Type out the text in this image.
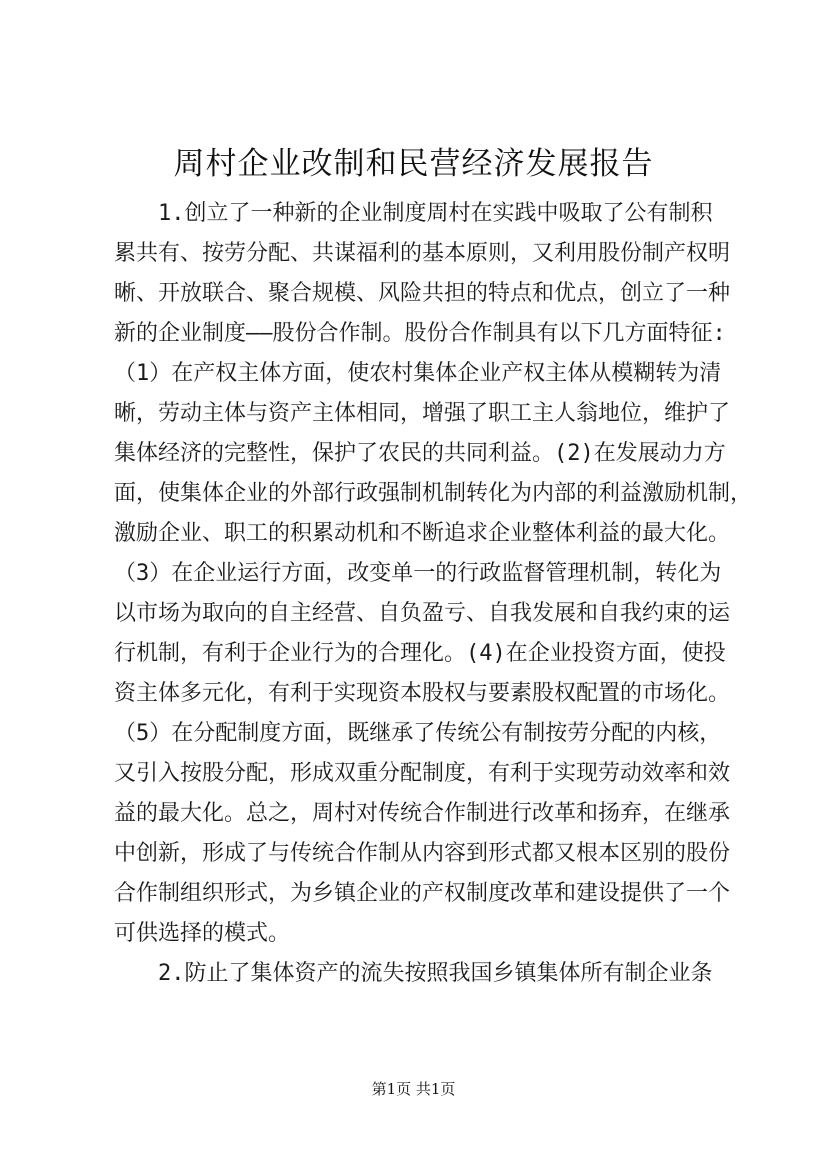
周村企业改制和民营经济发展报告
1.创立了一种新的企业制度周村在实践中吸取了公有制积
累共有、按劳分配、共谋福利的基本原则，又利用股份制产权明
晰、开放联合、聚合规模、风险共担的特点和优点，创立了一种
新的企业制度——股份合作制。股份合作制具有以下几方面特征:
（1）在产权主体方面，使农村集体企业产权主体从模糊转为清
晰，劳动主体与资产主体相同，增强了职工主人翁地位，维护了
集体经济的完整性，保护了农民的共同利益。(2)在发展动力方
面，使集体企业的外部行政强制机制转化为内部的利益激励机制，
激励企业、职工的积累动机和不断追求企业整体利益的最大化。
（3）在企业运行方面，改变单一的行政监督管理机制，转化为
以市场为取向的自主经营、自负盈亏、自我发展和自我约束的运
行机制，有利于企业行为的合理化。(4)在企业投资方面，使投
资主体多元化，有利于实现资本股权与要素股权配置的市场化。
（5）在分配制度方面，既继承了传统公有制按劳分配的内核，
又引入按股分配，形成双重分配制度，有利于实现劳动效率和效
益的最大化。总之，周村对传统合作制进行改革和扬弃，在继承
中创新，形成了与传统合作制从内容到形式都又根本区别的股份
合作制组织形式，为乡镇企业的产权制度改革和建设提供了一个
可供选择的模式。
2.防止了集体资产的流失按照我国乡镇集体所有制企业条
第1页 共1页
